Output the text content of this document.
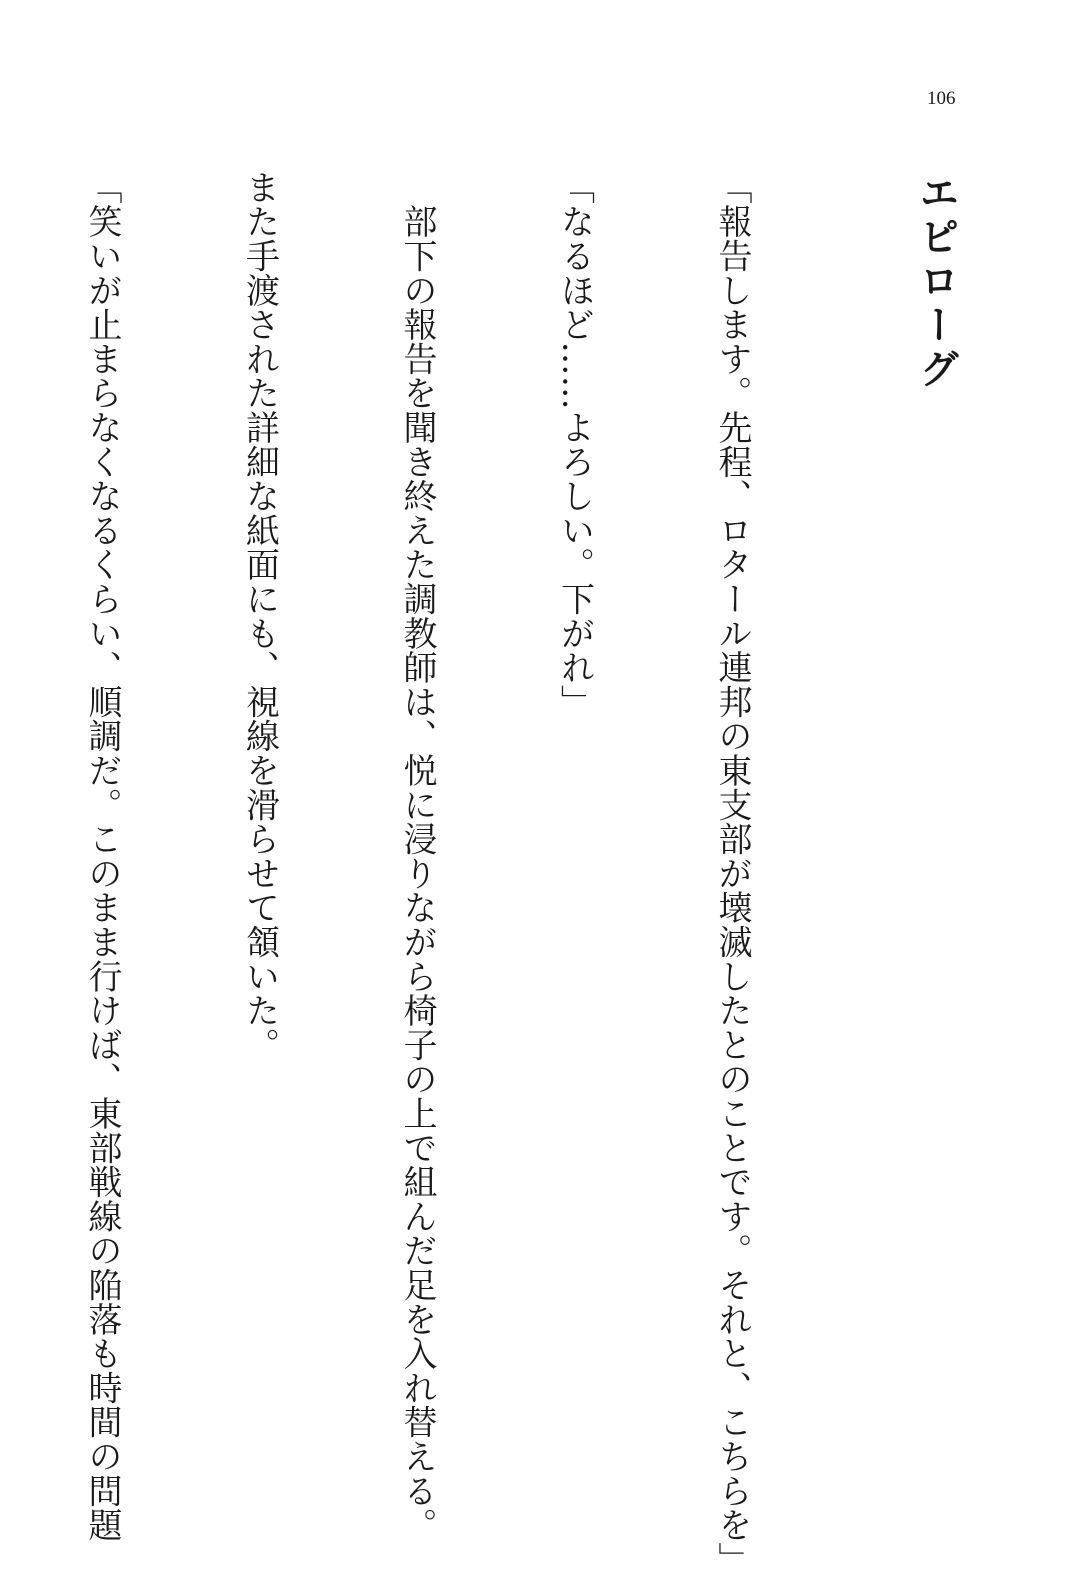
106
エピローグ

「報告します。先程、ロタール連邦の東支部が壊滅したとのことです。それと、こちらを」

「なるほど……よろしい。下がれ」

　部下の報告を聞き終えた調教師は、悦に浸りながら椅子の上で組んだ足を入れ替える。

また手渡された詳細な紙面にも、視線を滑らせて頷いた。

「笑いが止まらなくなるくらい、順調だ。このまま行けば、東部戦線の陥落も時間の問題
